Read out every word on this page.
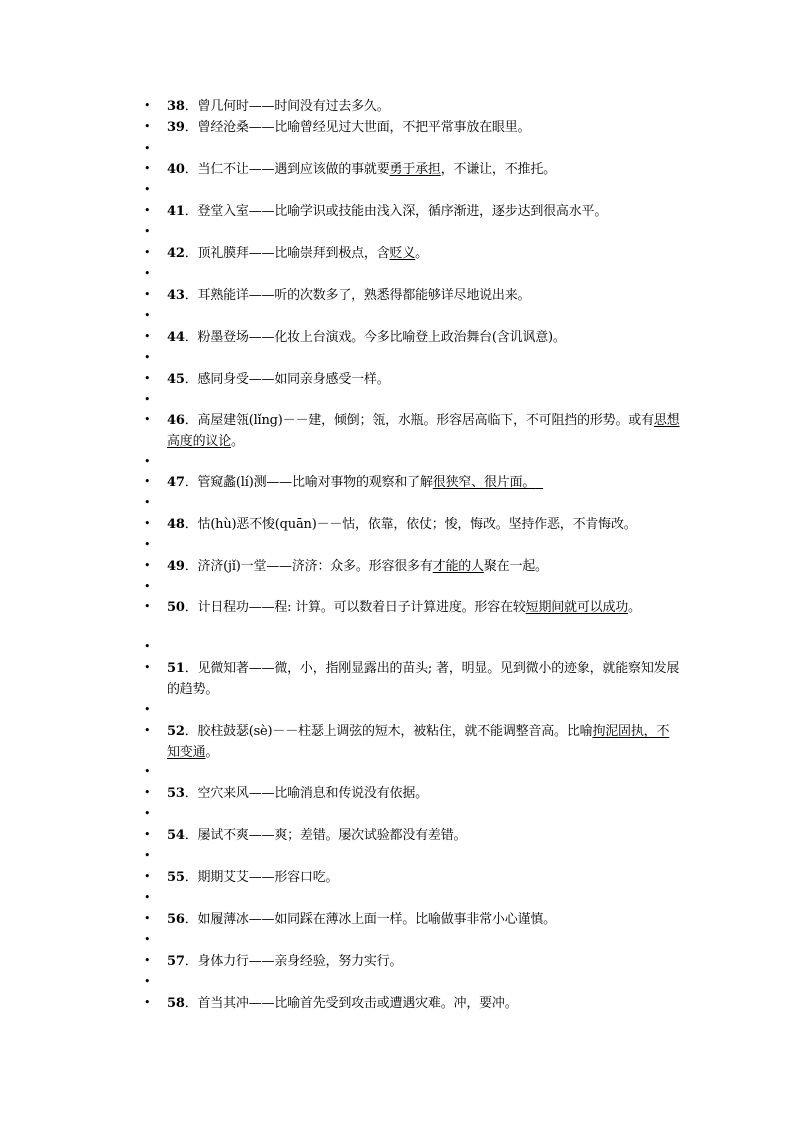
• 38．曾几何时——时间没有过去多久。
• 39．曾经沧桑——比喻曾经见过大世面，不把平常事放在眼里。
•
• 40．当仁不让——遇到应该做的事就要勇于承担，不谦让，不推托。
•
• 41．登堂入室——比喻学识或技能由浅入深，循序渐进，逐步达到很高水平。
•
• 42．顶礼膜拜——比喻崇拜到极点，含贬义。
•
• 43．耳熟能详——听的次数多了，熟悉得都能够详尽地说出来。
•
• 44．粉墨登场——化妆上台演戏。今多比喻登上政治舞台(含讥讽意)。
•
• 45．感同身受——如同亲身感受一样。
•
• 46．高屋建瓴(lǐng)－－建，倾倒；瓴，水瓶。形容居高临下，不可阻挡的形势。或有思想高度的议论。
•
• 47．管窥蠡(lí)测——比喻对事物的观察和了解很狭窄、很片面。
•
• 48．怙(hù)恶不悛(quān)－－怙，依靠，依仗；悛，悔改。坚持作恶，不肯悔改。
•
• 49．济济(jǐ)一堂——济济：众多。形容很多有才能的人聚在一起。
•
• 50．计日程功——程: 计算。可以数着日子计算进度。形容在较短期间就可以成功。
•
• 51．见微知著——微，小，指刚显露出的苗头; 著，明显。见到微小的迹象，就能察知发展的趋势。
•
• 52．胶柱鼓瑟(sè)－－柱瑟上调弦的短木，被粘住，就不能调整音高。比喻拘泥固执，不知变通。
•
• 53．空穴来风——比喻消息和传说没有依据。
•
• 54．屡试不爽——爽；差错。屡次试验都没有差错。
•
• 55．期期艾艾——形容口吃。
•
• 56．如履薄冰——如同踩在薄冰上面一样。比喻做事非常小心谨慎。
•
• 57．身体力行——亲身经验，努力实行。
•
• 58．首当其冲——比喻首先受到攻击或遭遇灾难。冲，要冲。
